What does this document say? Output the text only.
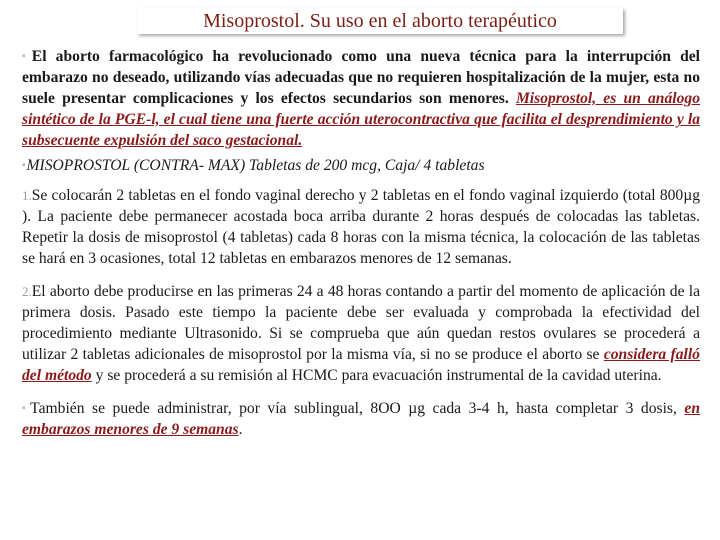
Misoprostol. Su uso en el aborto terapéutico

▪El aborto farmacológico ha revolucionado como una nueva técnica para la interrupción del embarazo no deseado, utilizando vías adecuadas que no requieren hospitalización de la mujer, esta no suele presentar complicaciones y los efectos secundarios son menores. Misoprostol, es un análogo sintético de la PGE-l, el cual tiene una fuerte acción uterocontractiva que facilita el desprendimiento y la subsecuente expulsión del saco gestacional.

▪MISOPROSTOL (CONTRA- MAX) Tabletas de 200 mcg, Caja/ 4 tabletas

1.Se colocarán 2 tabletas en el fondo vaginal derecho y 2 tabletas en el fondo vaginal izquierdo (total 800µg ). La paciente debe permanecer acostada boca arriba durante 2 horas después de colocadas las tabletas. Repetir la dosis de misoprostol (4 tabletas) cada 8 horas con la misma técnica, la colocación de las tabletas se hará en 3 ocasiones, total 12 tabletas en embarazos menores de 12 semanas.

2.El aborto debe producirse en las primeras 24 a 48 horas contando a partir del momento de aplicación de la primera dosis. Pasado este tiempo la paciente debe ser evaluada y comprobada la efectividad del procedimiento mediante Ultrasonido. Si se comprueba que aún quedan restos ovulares se procederá a utilizar 2 tabletas adicionales de misoprostol por la misma vía, si no se produce el aborto se considera falló del método y se procederá a su remisión al HCMC para evacuación instrumental de la cavidad uterina.

▪También se puede administrar, por vía sublingual, 8OO µg cada 3-4 h, hasta completar 3 dosis, en embarazos menores de 9 semanas.
